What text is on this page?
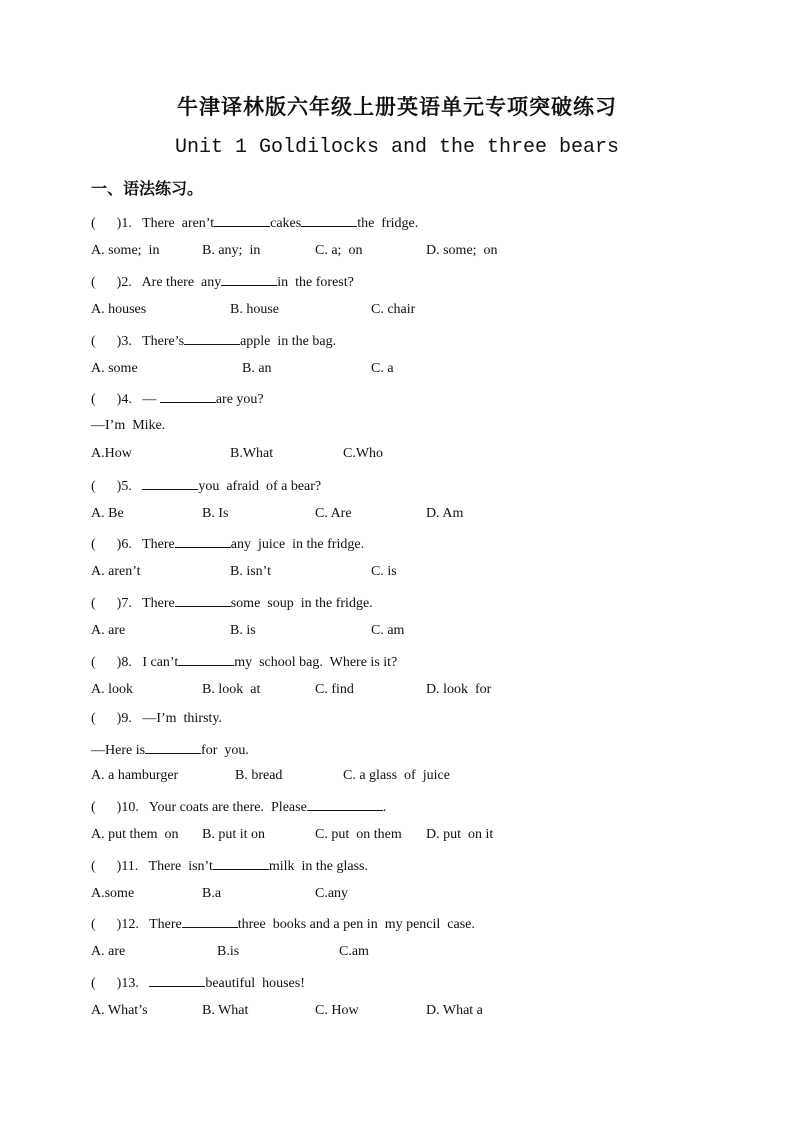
牛津译林版六年级上册英语单元专项突破练习
Unit 1 Goldilocks and the three bears
一、语法练习。
(      )1. There  aren’t	cakes	the  fridge.
A. some;  in	B. any;  in	C. a;  on	D. some;  on
(      )2. Are there  any	in  the forest?
A. houses	B. house	C. chair
(      )3. There’s	apple  in the bag.
A. some	B. an	C. a
(      )4. —	are you?
—I’m  Mike.
A.How	B.What	C.Who
(      )5.	you  afraid  of a bear?
A. Be	B. Is	C. Are	D. Am
(      )6. There	any  juice  in the fridge.
A. aren’t	B. isn’t	C. is
(      )7. There	some  soup  in the fridge.
A. are	B. is	C. am
(      )8. I can’t	my  school bag.  Where is it?
A. look	B. look  at	C. find	D. look  for
(      )9. —I’m  thirsty.
—Here is	for  you.
A. a hamburger	B. bread	C. a glass  of  juice
(      )10. Your coats are there.  Please	.
A. put them  on B. put it on	C. put  on them D. put  on it
(      )11. There  isn’t	milk  in the glass.
A.some	B.a	C.any
(      )12. There	three  books and a pen in  my pencil  case.
A. are	B.is	C.am
(      )13.	beautiful  houses!
A. What’s	B. What	C. How	D. What a
